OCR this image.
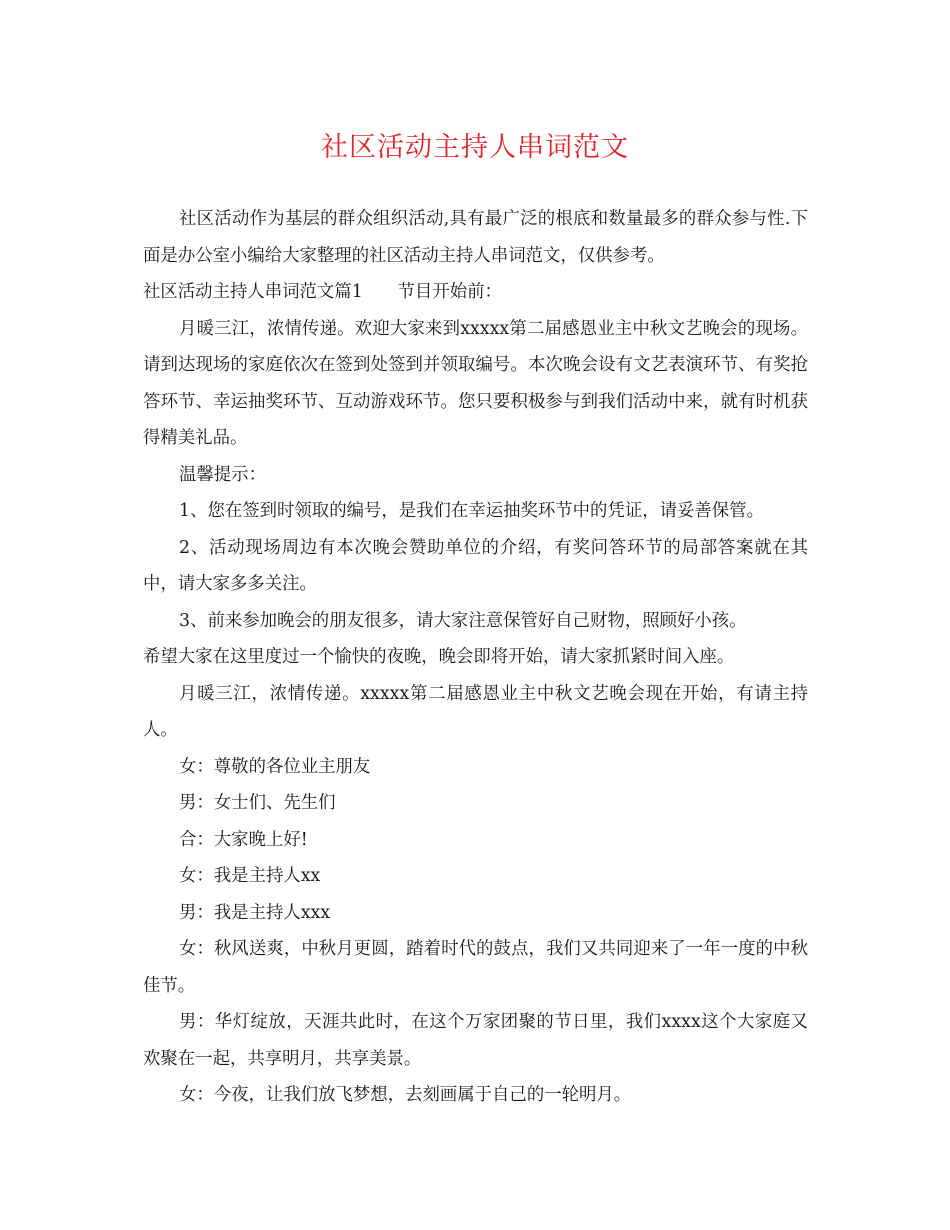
社区活动主持人串词范文

社区活动作为基层的群众组织活动,具有最广泛的根底和数量最多的群众参与性.下面是办公室小编给大家整理的社区活动主持人串词范文，仅供参考。

社区活动主持人串词范文篇1　　节目开始前：

月暖三江，浓情传递。欢迎大家来到xxxxx第二届感恩业主中秋文艺晚会的现场。请到达现场的家庭依次在签到处签到并领取编号。本次晚会设有文艺表演环节、有奖抢答环节、幸运抽奖环节、互动游戏环节。您只要积极参与到我们活动中来，就有时机获得精美礼品。

温馨提示：

1、您在签到时领取的编号，是我们在幸运抽奖环节中的凭证，请妥善保管。

2、活动现场周边有本次晚会赞助单位的介绍，有奖问答环节的局部答案就在其中，请大家多多关注。

3、前来参加晚会的朋友很多，请大家注意保管好自己财物，照顾好小孩。

希望大家在这里度过一个愉快的夜晚，晚会即将开始，请大家抓紧时间入座。

月暖三江，浓情传递。xxxxx第二届感恩业主中秋文艺晚会现在开始，有请主持人。

女：尊敬的各位业主朋友

男：女士们、先生们

合：大家晚上好!

女：我是主持人xx

男：我是主持人xxx

女：秋风送爽，中秋月更圆，踏着时代的鼓点，我们又共同迎来了一年一度的中秋佳节。

男：华灯绽放，天涯共此时，在这个万家团聚的节日里，我们xxxx这个大家庭又欢聚在一起，共享明月，共享美景。

女：今夜，让我们放飞梦想，去刻画属于自己的一轮明月。
